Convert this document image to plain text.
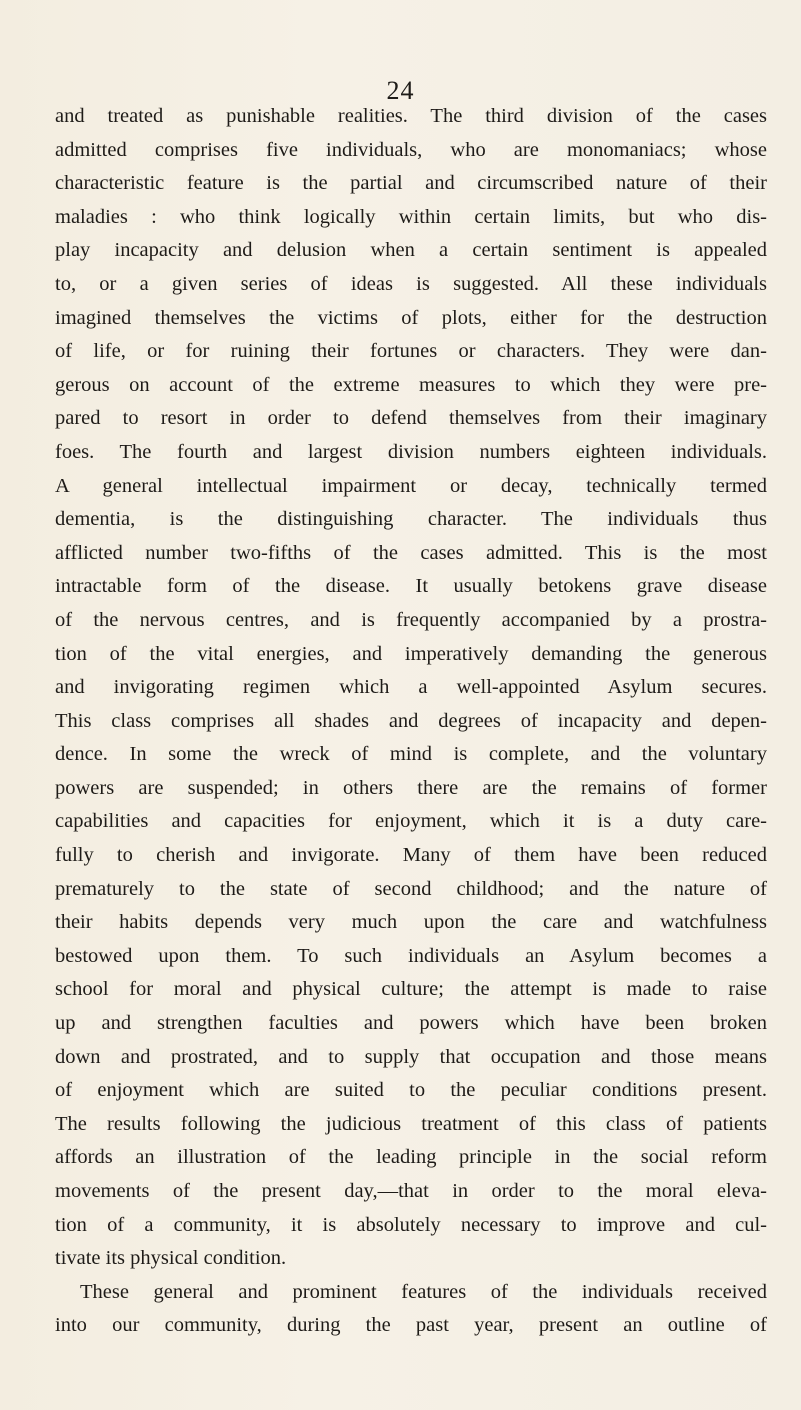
24
and treated as punishable realities. The third division of the cases
admitted comprises five individuals, who are monomaniacs; whose
characteristic feature is the partial and circumscribed nature of their
maladies : who think logically within certain limits, but who dis-
play incapacity and delusion when a certain sentiment is appealed
to, or a given series of ideas is suggested. All these individuals
imagined themselves the victims of plots, either for the destruction
of life, or for ruining their fortunes or characters. They were dan-
gerous on account of the extreme measures to which they were pre-
pared to resort in order to defend themselves from their imaginary
foes. The fourth and largest division numbers eighteen individuals.
A general intellectual impairment or decay, technically termed
dementia, is the distinguishing character. The individuals thus
afflicted number two-fifths of the cases admitted. This is the most
intractable form of the disease. It usually betokens grave disease
of the nervous centres, and is frequently accompanied by a prostra-
tion of the vital energies, and imperatively demanding the generous
and invigorating regimen which a well-appointed Asylum secures.
This class comprises all shades and degrees of incapacity and depen-
dence. In some the wreck of mind is complete, and the voluntary
powers are suspended; in others there are the remains of former
capabilities and capacities for enjoyment, which it is a duty care-
fully to cherish and invigorate. Many of them have been reduced
prematurely to the state of second childhood; and the nature of
their habits depends very much upon the care and watchfulness
bestowed upon them. To such individuals an Asylum becomes a
school for moral and physical culture; the attempt is made to raise
up and strengthen faculties and powers which have been broken
down and prostrated, and to supply that occupation and those means
of enjoyment which are suited to the peculiar conditions present.
The results following the judicious treatment of this class of patients
affords an illustration of the leading principle in the social reform
movements of the present day,—that in order to the moral eleva-
tion of a community, it is absolutely necessary to improve and cul-
tivate its physical condition.
These general and prominent features of the individuals received
into our community, during the past year, present an outline of
